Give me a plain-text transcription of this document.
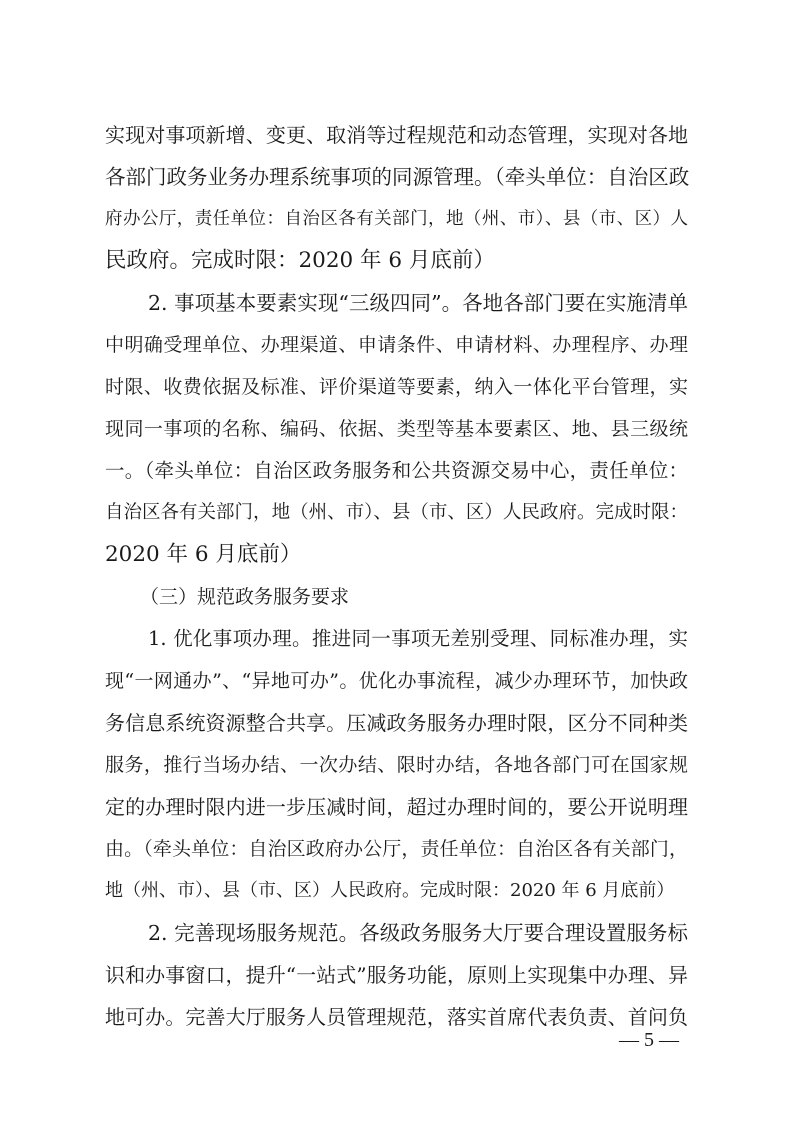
实现对事项新增、变更、取消等过程规范和动态管理，实现对各地
各部门政务业务办理系统事项的同源管理。（牵头单位：自治区政
府办公厅，责任单位：自治区各有关部门，地（州、市）、县（市、区）人
民政府。完成时限：2020 年 6 月底前）
2. 事项基本要素实现“三级四同”。各地各部门要在实施清单
中明确受理单位、办理渠道、申请条件、申请材料、办理程序、办理
时限、收费依据及标准、评价渠道等要素，纳入一体化平台管理，实
现同一事项的名称、编码、依据、类型等基本要素区、地、县三级统
一。（牵头单位：自治区政务服务和公共资源交易中心，责任单位：
自治区各有关部门，地（州、市）、县（市、区）人民政府。完成时限：
2020 年 6 月底前）
（三）规范政务服务要求
1. 优化事项办理。推进同一事项无差别受理、同标准办理，实
现“一网通办”、“异地可办”。优化办事流程，减少办理环节，加快政
务信息系统资源整合共享。压减政务服务办理时限，区分不同种类
服务，推行当场办结、一次办结、限时办结，各地各部门可在国家规
定的办理时限内进一步压减时间，超过办理时间的，要公开说明理
由。（牵头单位：自治区政府办公厅，责任单位：自治区各有关部门，
地（州、市）、县（市、区）人民政府。完成时限：2020 年 6 月底前）
2. 完善现场服务规范。各级政务服务大厅要合理设置服务标
识和办事窗口，提升“一站式”服务功能，原则上实现集中办理、异
地可办。完善大厅服务人员管理规范，落实首席代表负责、首问负
— 5 —
